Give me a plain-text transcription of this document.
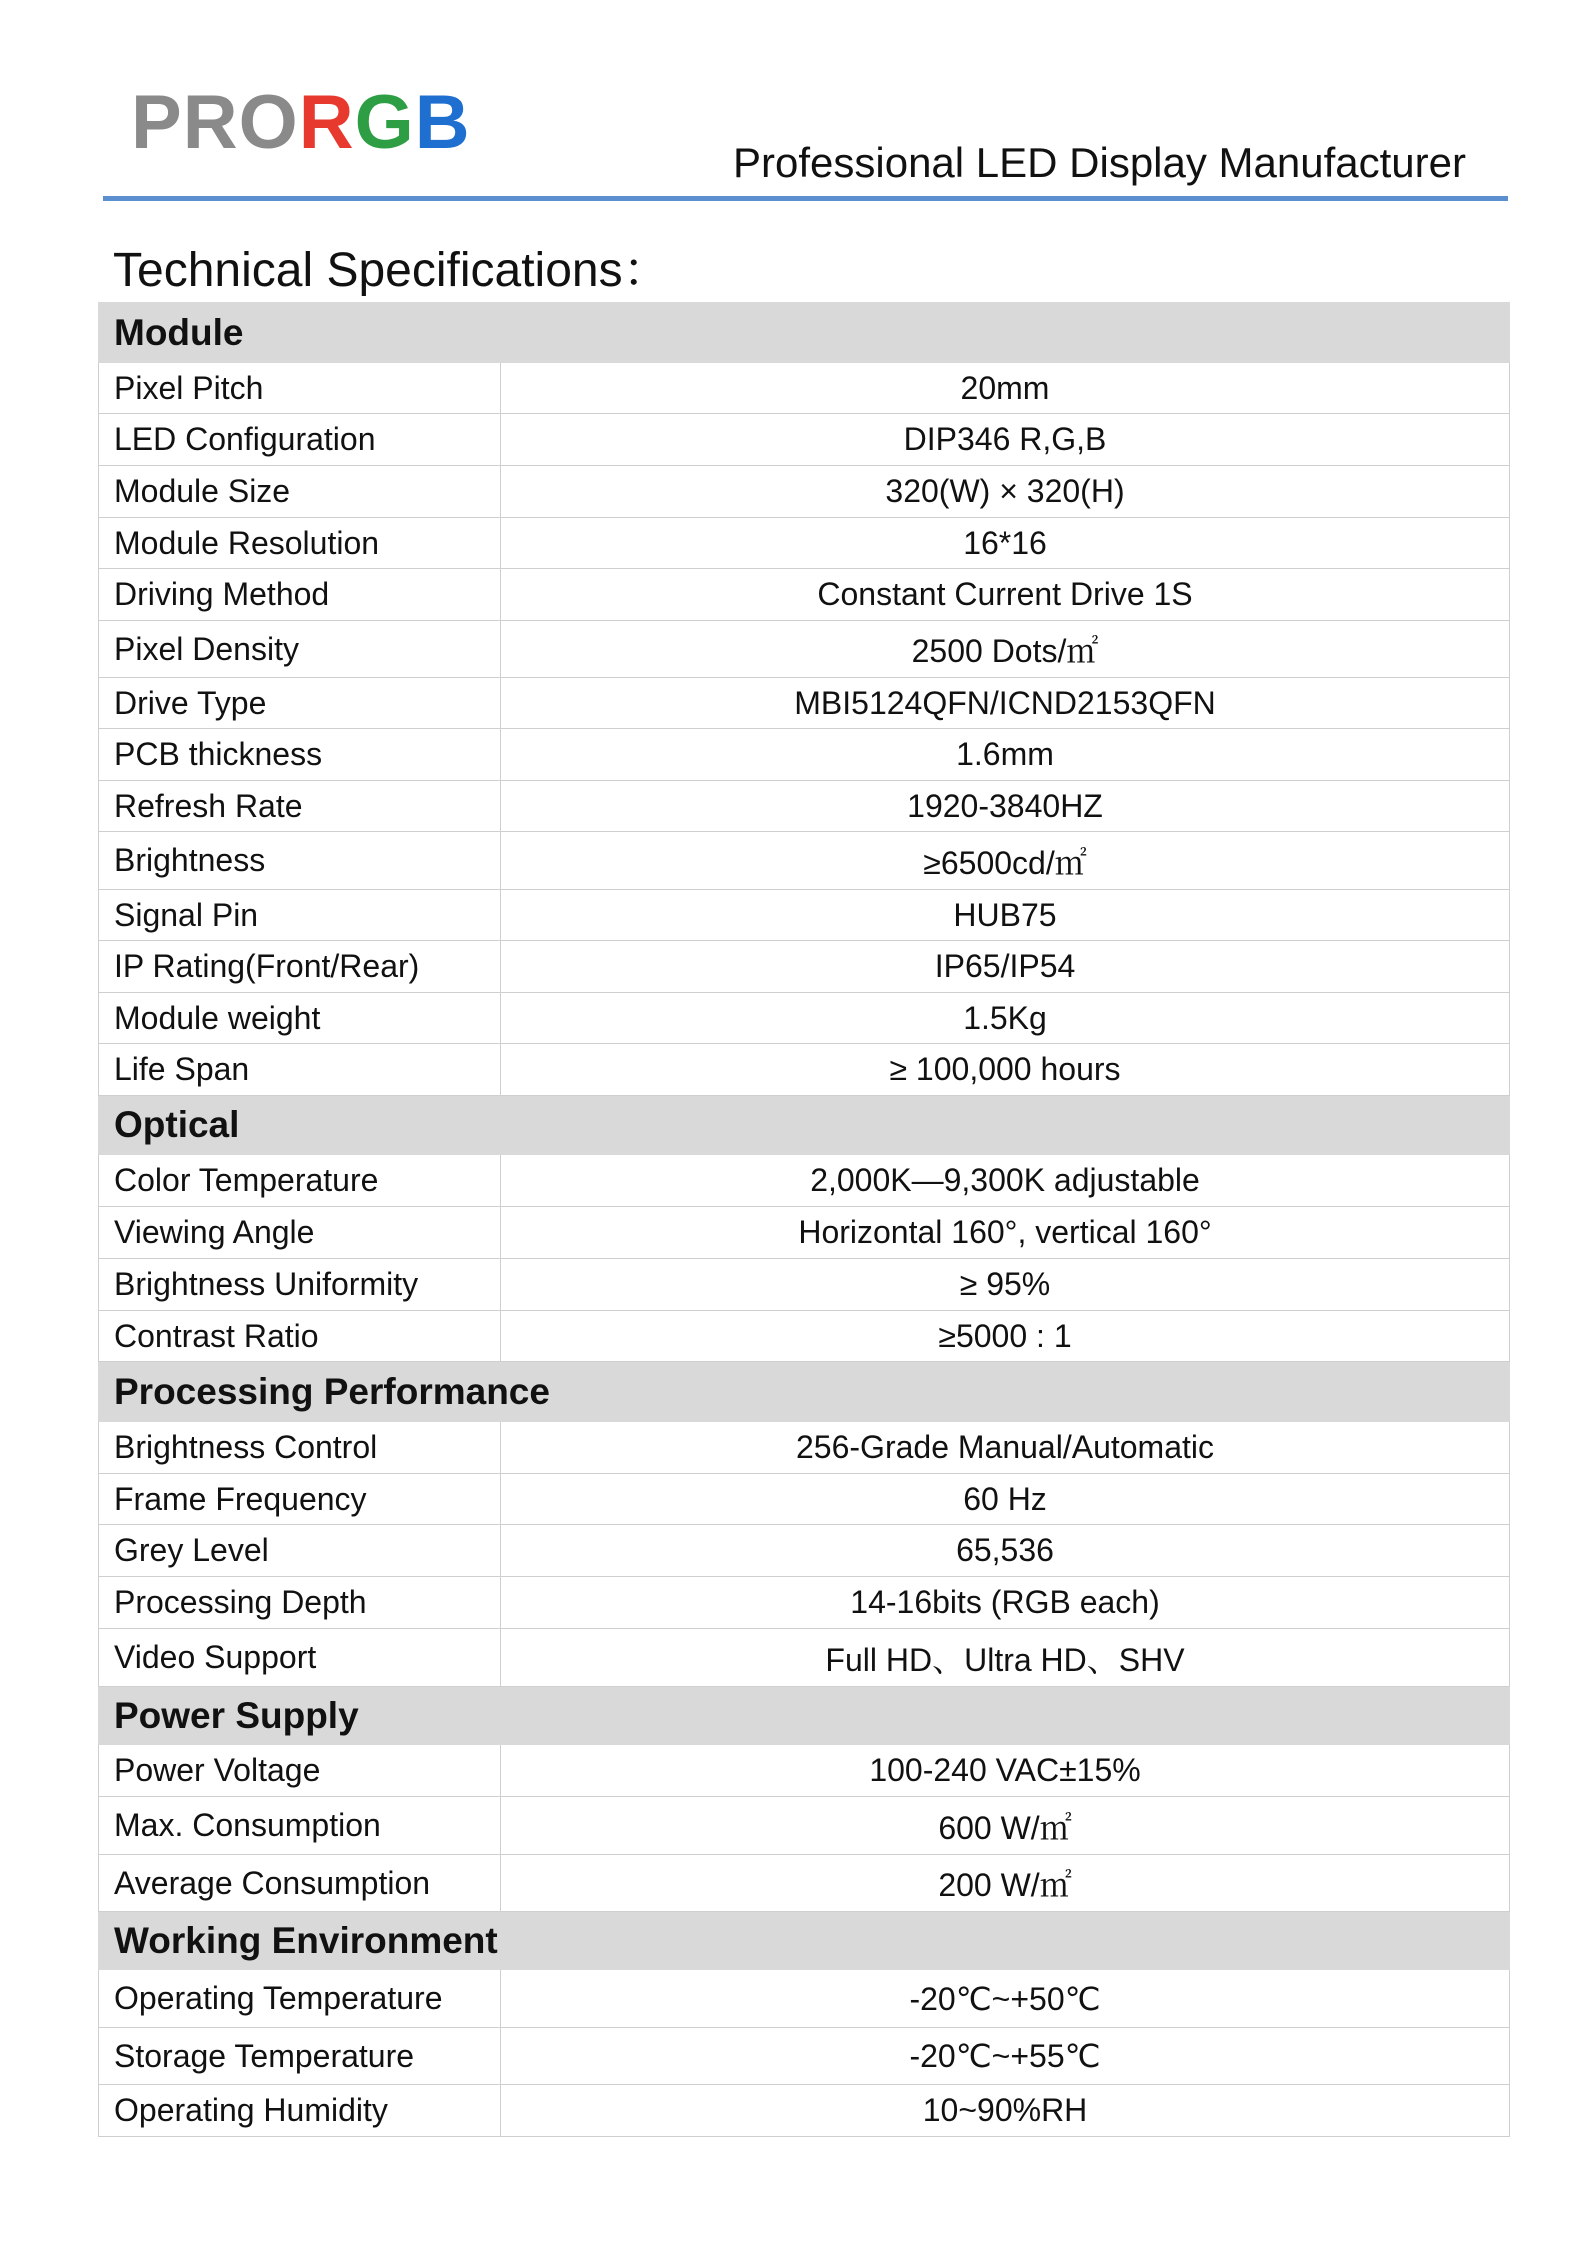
PRORGB	Professional LED Display Manufacturer
Technical Specifications：
Module	
Pixel Pitch	20mm
LED Configuration	DIP346 R,G,B
Module Size	320(W) × 320(H)
Module Resolution	16*16
Driving Method	Constant Current Drive 1S
Pixel Density	2500 Dots/㎡
Drive Type	MBI5124QFN/ICND2153QFN
PCB thickness	1.6mm
Refresh Rate	1920-3840HZ
Brightness	≥6500cd/㎡
Signal Pin	HUB75
IP Rating(Front/Rear)	IP65/IP54
Module weight	1.5Kg
Life Span	≥ 100,000 hours
Optical	
Color Temperature	2,000K—9,300K adjustable
Viewing Angle	Horizontal 160°, vertical 160°
Brightness Uniformity	≥ 95%
Contrast Ratio	≥5000 : 1
Processing Performance	
Brightness Control	256-Grade Manual/Automatic
Frame Frequency	60 Hz
Grey Level	65,536
Processing Depth	14-16bits (RGB each)
Video Support	Full HD、Ultra HD、SHV
Power Supply	
Power Voltage	100-240 VAC±15%
Max. Consumption	600 W/㎡
Average Consumption	200 W/㎡
Working Environment	
Operating Temperature	-20℃~+50℃
Storage Temperature	-20℃~+55℃
Operating Humidity	10~90%RH
